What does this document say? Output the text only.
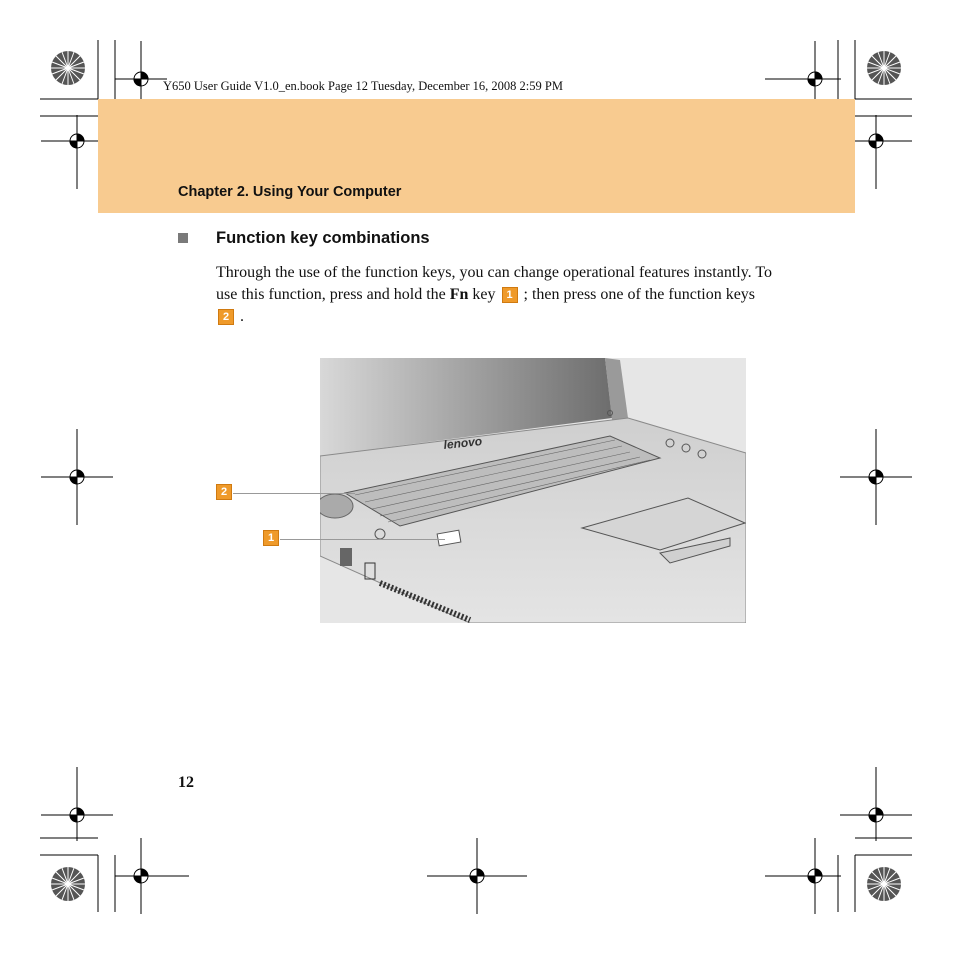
Y650 User Guide V1.0_en.book Page 12 Tuesday, December 16, 2008 2:59 PM
Chapter 2. Using Your Computer
Function key combinations
Through the use of the function keys, you can change operational features instantly. To use this function, press and hold the Fn key 1 ; then press one of the function keys 2 .
lenovo
2
1
12
